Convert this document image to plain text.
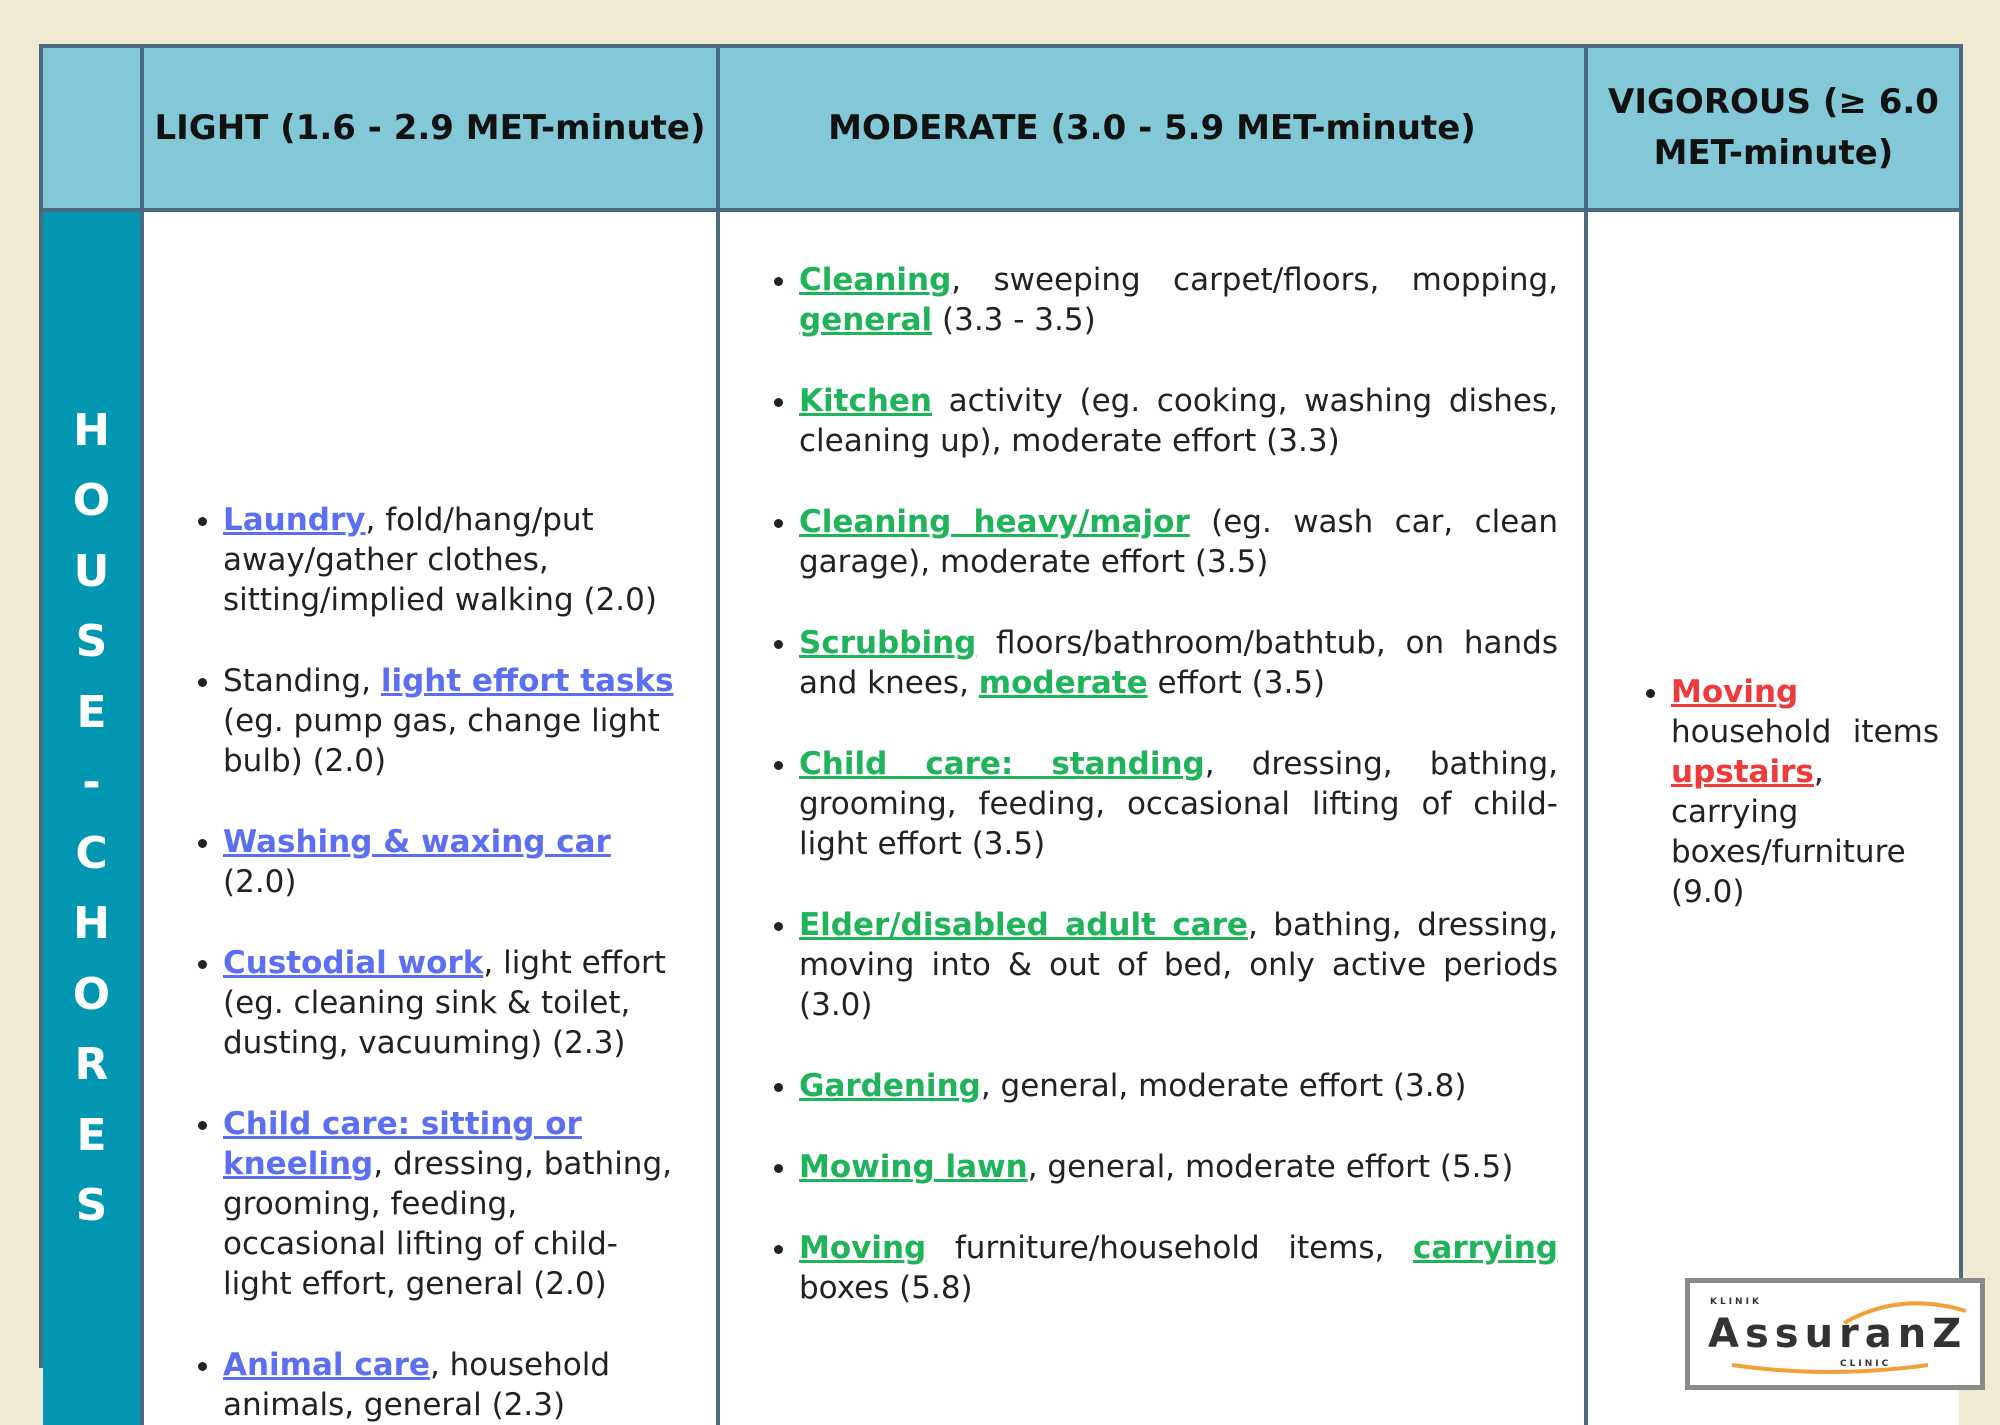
LIGHT (1.6 - 2.9 MET-minute)	MODERATE (3.0 - 5.9 MET-minute)
VIGOROUS (≥ 6.0
MET-minute)
H
O
U
S
E
-
C
H
O
R
E
S
• Laundry, fold/hang/put away/gather clothes, sitting/implied walking (2.0)
• Standing, light effort tasks (eg. pump gas, change light bulb) (2.0)
• Washing & waxing car (2.0)
• Custodial work, light effort (eg. cleaning sink & toilet, dusting, vacuuming) (2.3)
• Child care: sitting or kneeling, dressing, bathing, grooming, feeding, occasional lifting of child- light effort, general (2.0)
• Animal care, household animals, general (2.3)
• Cleaning, sweeping carpet/floors, mopping, general (3.3 - 3.5)
• Kitchen activity (eg. cooking, washing dishes, cleaning up), moderate effort (3.3)
• Cleaning heavy/major (eg. wash car, clean garage), moderate effort (3.5)
• Scrubbing floors/bathroom/bathtub, on hands and knees, moderate effort (3.5)
• Child care: standing, dressing, bathing, grooming, feeding, occasional lifting of child- light effort (3.5)
• Elder/disabled adult care, bathing, dressing, moving into & out of bed, only active periods (3.0)
• Gardening, general, moderate effort (3.8)
• Mowing lawn, general, moderate effort (5.5)
• Moving furniture/household items, carrying boxes (5.8)
• Moving household items upstairs, carrying boxes/furniture (9.0)
KLINIK
AssuranZ
CLINIC
